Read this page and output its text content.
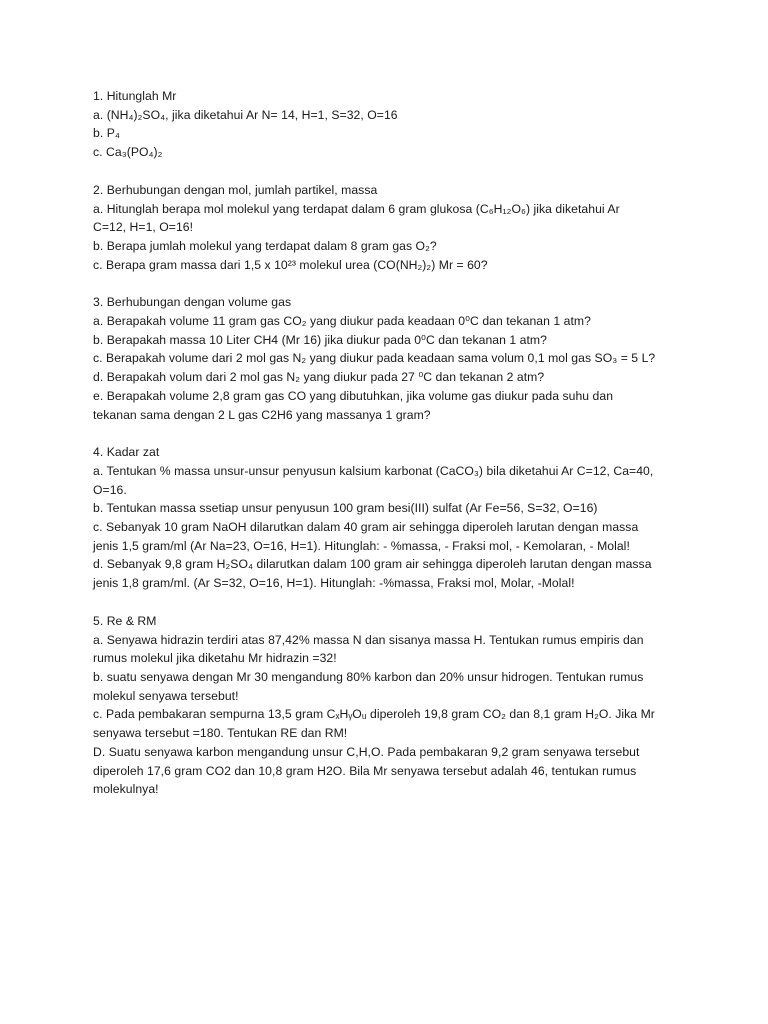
1. Hitunglah Mr
a. (NH₄)₂SO₄, jika diketahui Ar N= 14, H=1, S=32, O=16
b. P₄
c. Ca₃(PO₄)₂
2. Berhubungan dengan mol, jumlah partikel, massa
a. Hitunglah berapa mol molekul yang terdapat dalam 6 gram glukosa (C₆H₁₂O₆) jika diketahui Ar
C=12, H=1, O=16!
b. Berapa jumlah molekul yang terdapat dalam 8 gram gas O₂?
c. Berapa gram massa dari 1,5 x 10²³ molekul urea (CO(NH₂)₂) Mr = 60?
3. Berhubungan dengan volume gas
a. Berapakah volume 11 gram gas CO₂ yang diukur pada keadaan 0⁰C dan tekanan 1 atm?
b. Berapakah massa 10 Liter CH4 (Mr 16) jika diukur pada 0⁰C dan tekanan 1 atm?
c. Berapakah volume dari 2 mol gas N₂ yang diukur pada keadaan sama volum 0,1 mol gas SO₃ = 5 L?
d. Berapakah volum dari 2 mol gas N₂ yang diukur pada 27 ⁰C dan tekanan 2 atm?
e. Berapakah volume 2,8 gram gas CO yang dibutuhkan, jika volume gas diukur pada suhu dan
tekanan sama dengan 2 L gas C2H6 yang massanya 1 gram?
4. Kadar zat
a. Tentukan % massa unsur-unsur penyusun kalsium karbonat (CaCO₃) bila diketahui Ar C=12, Ca=40,
O=16.
b. Tentukan massa ssetiap unsur penyusun 100 gram besi(III) sulfat (Ar Fe=56, S=32, O=16)
c. Sebanyak 10 gram NaOH dilarutkan dalam 40 gram air sehingga diperoleh larutan dengan massa
jenis 1,5 gram/ml (Ar Na=23, O=16, H=1). Hitunglah: - %massa, - Fraksi mol, - Kemolaran, - Molal!
d. Sebanyak 9,8 gram H₂SO₄ dilarutkan dalam 100 gram air sehingga diperoleh larutan dengan massa
jenis 1,8 gram/ml. (Ar S=32, O=16, H=1). Hitunglah: -%massa, Fraksi mol, Molar, -Molal!
5. Re & RM
a. Senyawa hidrazin terdiri atas 87,42% massa N dan sisanya massa H. Tentukan rumus empiris dan
rumus molekul jika diketahu Mr hidrazin =32!
b. suatu senyawa dengan Mr 30 mengandung 80% karbon dan 20% unsur hidrogen. Tentukan rumus
molekul senyawa tersebut!
c. Pada pembakaran sempurna 13,5 gram CₓHᵧOᵤ diperoleh 19,8 gram CO₂ dan 8,1 gram H₂O. Jika Mr
senyawa tersebut =180. Tentukan RE dan RM!
D. Suatu senyawa karbon mengandung unsur C,H,O. Pada pembakaran 9,2 gram senyawa tersebut
diperoleh 17,6 gram CO2 dan 10,8 gram H2O. Bila Mr senyawa tersebut adalah 46, tentukan rumus
molekulnya!
